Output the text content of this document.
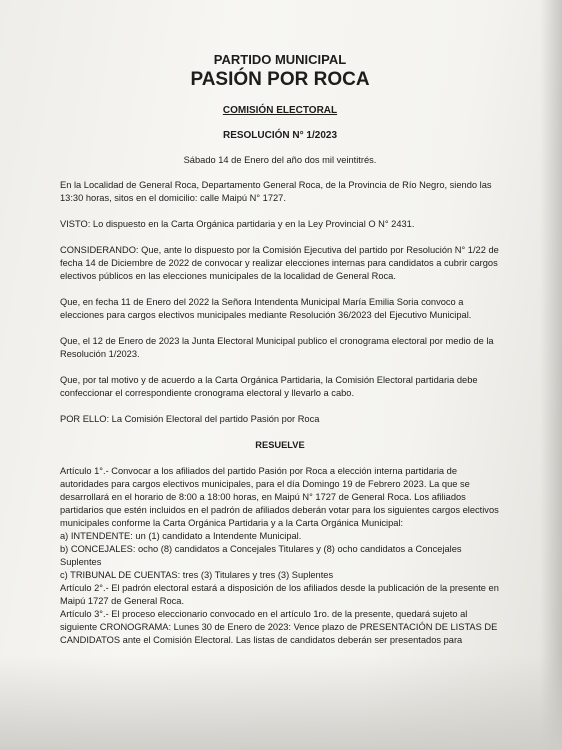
PARTIDO MUNICIPAL
PASIÓN POR ROCA
COMISIÓN ELECTORAL
RESOLUCIÓN N° 1/2023
Sábado 14 de Enero del año dos mil veintitrés.

En la Localidad de General Roca, Departamento General Roca, de la Provincia de Río Negro, siendo las 13:30 horas, sitos en el domicilio: calle Maipú N° 1727.

VISTO: Lo dispuesto en la Carta Orgánica partidaria y en la Ley Provincial O N° 2431.

CONSIDERANDO: Que, ante lo dispuesto por la Comisión Ejecutiva del partido por Resolución N° 1/22 de fecha 14 de Diciembre de 2022 de convocar y realizar elecciones internas para candidatos a cubrir cargos electivos públicos en las elecciones municipales de la localidad de General Roca.

Que, en fecha 11 de Enero del 2022 la Señora Intendenta Municipal María Emilia Soria convoco a elecciones para cargos electivos municipales mediante Resolución 36/2023 del Ejecutivo Municipal.

Que, el 12 de Enero de 2023 la Junta Electoral Municipal publico el cronograma electoral por medio de la Resolución 1/2023.

Que, por tal motivo y de acuerdo a la Carta Orgánica Partidaria, la Comisión Electoral partidaria debe confeccionar el correspondiente cronograma electoral y llevarlo a cabo.

POR ELLO: La Comisión Electoral del partido Pasión por Roca

RESUELVE

Artículo 1°.- Convocar a los afiliados del partido Pasión por Roca a elección interna partidaria de autoridades para cargos electivos municipales, para el día Domingo 19 de Febrero 2023. La que se desarrollará en el horario de 8:00 a 18:00 horas, en Maipú N° 1727 de General Roca. Los afiliados partidarios que estén incluidos en el padrón de afiliados deberán votar para los siguientes cargos electivos municipales conforme la Carta Orgánica Partidaria y a la Carta Orgánica Municipal:

a) INTENDENTE: un (1) candidato a Intendente Municipal.

b) CONCEJALES: ocho (8) candidatos a Concejales Titulares y (8) ocho candidatos a Concejales Suplentes

c) TRIBUNAL DE CUENTAS: tres (3) Titulares y tres (3) Suplentes

Artículo 2°.- El padrón electoral estará a disposición de los afiliados desde la publicación de la presente en Maipú 1727 de General Roca.

Artículo 3°.- El proceso eleccionario convocado en el artículo 1ro. de la presente, quedará sujeto al siguiente CRONOGRAMA: Lunes 30 de Enero de 2023: Vence plazo de PRESENTACIÓN DE LISTAS DE CANDIDATOS ante el Comisión Electoral. Las listas de candidatos deberán ser presentados para
